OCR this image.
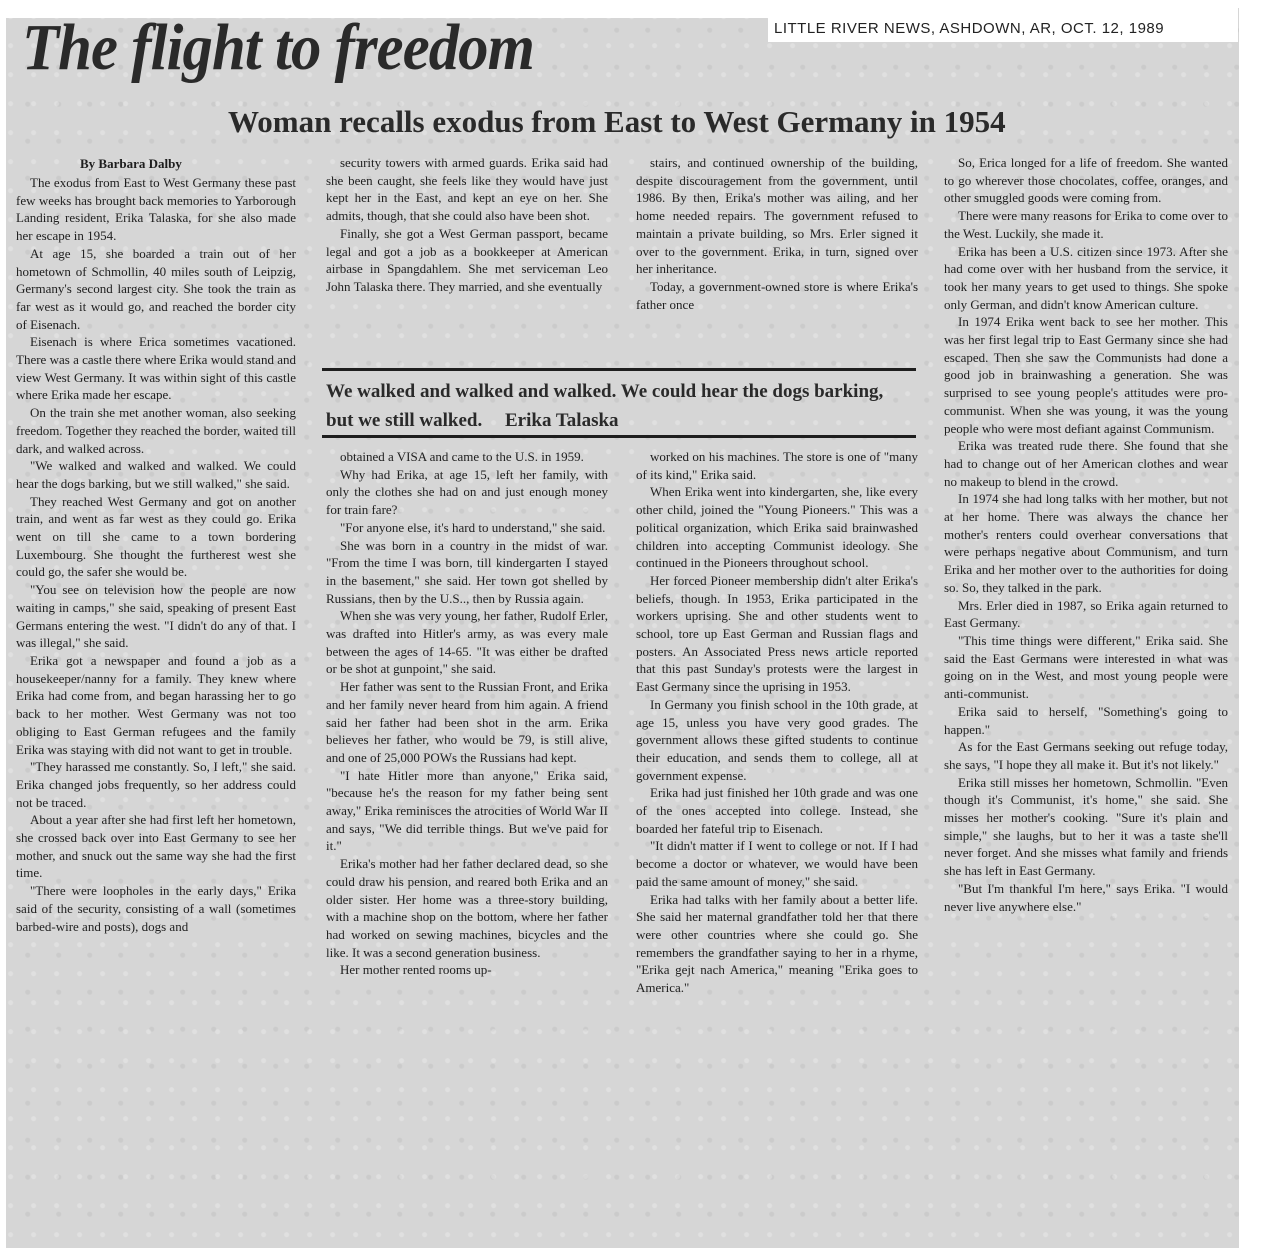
LITTLE RIVER NEWS, ASHDOWN, AR, OCT. 12, 1989
The flight to freedom
Woman recalls exodus from East to West Germany in 1954
By Barbara Dalby

The exodus from East to West Germany these past few weeks has brought back memories to Yarborough Landing resident, Erika Talaska, for she also made her escape in 1954.

At age 15, she boarded a train out of her hometown of Schmollin, 40 miles south of Leipzig, Germany's second largest city. She took the train as far west as it would go, and reached the border city of Eisenach.

Eisenach is where Erica sometimes vacationed. There was a castle there where Erika would stand and view West Germany. It was within sight of this castle where Erika made her escape.

On the train she met another woman, also seeking freedom. Together they reached the border, waited till dark, and walked across.

"We walked and walked and walked. We could hear the dogs barking, but we still walked," she said.

They reached West Germany and got on another train, and went as far west as they could go. Erika went on till she came to a town bordering Luxembourg. She thought the furtherest west she could go, the safer she would be.

"You see on television how the people are now waiting in camps," she said, speaking of present East Germans entering the west. "I didn't do any of that. I was illegal," she said.

Erika got a newspaper and found a job as a housekeeper/nanny for a family. They knew where Erika had come from, and began harassing her to go back to her mother. West Germany was not too obliging to East German refugees and the family Erika was staying with did not want to get in trouble.

"They harassed me constantly. So, I left," she said. Erika changed jobs frequently, so her address could not be traced.

About a year after she had first left her hometown, she crossed back over into East Germany to see her mother, and snuck out the same way she had the first time.

"There were loopholes in the early days," Erika said of the security, consisting of a wall (sometimes barbed-wire and posts), dogs and

security towers with armed guards. Erika said had she been caught, she feels like they would have just kept her in the East, and kept an eye on her. She admits, though, that she could also have been shot.

Finally, she got a West German passport, became legal and got a job as a bookkeeper at American airbase in Spangdahlem. She met serviceman Leo John Talaska there. They married, and she eventually

stairs, and continued ownership of the building, despite discouragement from the government, until 1986. By then, Erika's mother was ailing, and her home needed repairs. The government refused to maintain a private building, so Mrs. Erler signed it over to the government. Erika, in turn, signed over her inheritance.

Today, a government-owned store is where Erika's father once

We walked and walked and walked. We could hear the dogs barking, but we still walked. Erika Talaska

obtained a VISA and came to the U.S. in 1959.

Why had Erika, at age 15, left her family, with only the clothes she had on and just enough money for train fare?

"For anyone else, it's hard to understand," she said.

She was born in a country in the midst of war. "From the time I was born, till kindergarten I stayed in the basement," she said. Her town got shelled by Russians, then by the U.S.., then by Russia again.

When she was very young, her father, Rudolf Erler, was drafted into Hitler's army, as was every male between the ages of 14-65. "It was either be drafted or be shot at gunpoint," she said.

Her father was sent to the Russian Front, and Erika and her family never heard from him again. A friend said her father had been shot in the arm. Erika believes her father, who would be 79, is still alive, and one of 25,000 POWs the Russians had kept.

"I hate Hitler more than anyone," Erika said, "because he's the reason for my father being sent away," Erika reminisces the atrocities of World War II and says, "We did terrible things. But we've paid for it."

Erika's mother had her father declared dead, so she could draw his pension, and reared both Erika and an older sister. Her home was a three-story building, with a machine shop on the bottom, where her father had worked on sewing machines, bicycles and the like. It was a second generation business.

Her mother rented rooms up-

worked on his machines. The store is one of "many of its kind," Erika said.

When Erika went into kindergarten, she, like every other child, joined the "Young Pioneers." This was a political organization, which Erika said brainwashed children into accepting Communist ideology. She continued in the Pioneers throughout school.

Her forced Pioneer membership didn't alter Erika's beliefs, though. In 1953, Erika participated in the workers uprising. She and other students went to school, tore up East German and Russian flags and posters. An Associated Press news article reported that this past Sunday's protests were the largest in East Germany since the uprising in 1953.

In Germany you finish school in the 10th grade, at age 15, unless you have very good grades. The government allows these gifted students to continue their education, and sends them to college, all at government expense.

Erika had just finished her 10th grade and was one of the ones accepted into college. Instead, she boarded her fateful trip to Eisenach.

"It didn't matter if I went to college or not. If I had become a doctor or whatever, we would have been paid the same amount of money," she said.

Erika had talks with her family about a better life. She said her maternal grandfather told her that there were other countries where she could go. She remembers the grandfather saying to her in a rhyme, "Erika gejt nach America," meaning "Erika goes to America."

So, Erica longed for a life of freedom. She wanted to go wherever those chocolates, coffee, oranges, and other smuggled goods were coming from.

There were many reasons for Erika to come over to the West. Luckily, she made it.

Erika has been a U.S. citizen since 1973. After she had come over with her husband from the service, it took her many years to get used to things. She spoke only German, and didn't know American culture.

In 1974 Erika went back to see her mother. This was her first legal trip to East Germany since she had escaped. Then she saw the Communists had done a good job in brainwashing a generation. She was surprised to see young people's attitudes were pro-communist. When she was young, it was the young people who were most defiant against Communism.

Erika was treated rude there. She found that she had to change out of her American clothes and wear no makeup to blend in the crowd.

In 1974 she had long talks with her mother, but not at her home. There was always the chance her mother's renters could overhear conversations that were perhaps negative about Communism, and turn Erika and her mother over to the authorities for doing so. So, they talked in the park.

Mrs. Erler died in 1987, so Erika again returned to East Germany.

"This time things were different," Erika said. She said the East Germans were interested in what was going on in the West, and most young people were anti-communist.

Erika said to herself, "Something's going to happen."

As for the East Germans seeking out refuge today, she says, "I hope they all make it. But it's not likely."

Erika still misses her hometown, Schmollin. "Even though it's Communist, it's home," she said. She misses her mother's cooking. "Sure it's plain and simple," she laughs, but to her it was a taste she'll never forget. And she misses what family and friends she has left in East Germany.

"But I'm thankful I'm here," says Erika. "I would never live anywhere else."
